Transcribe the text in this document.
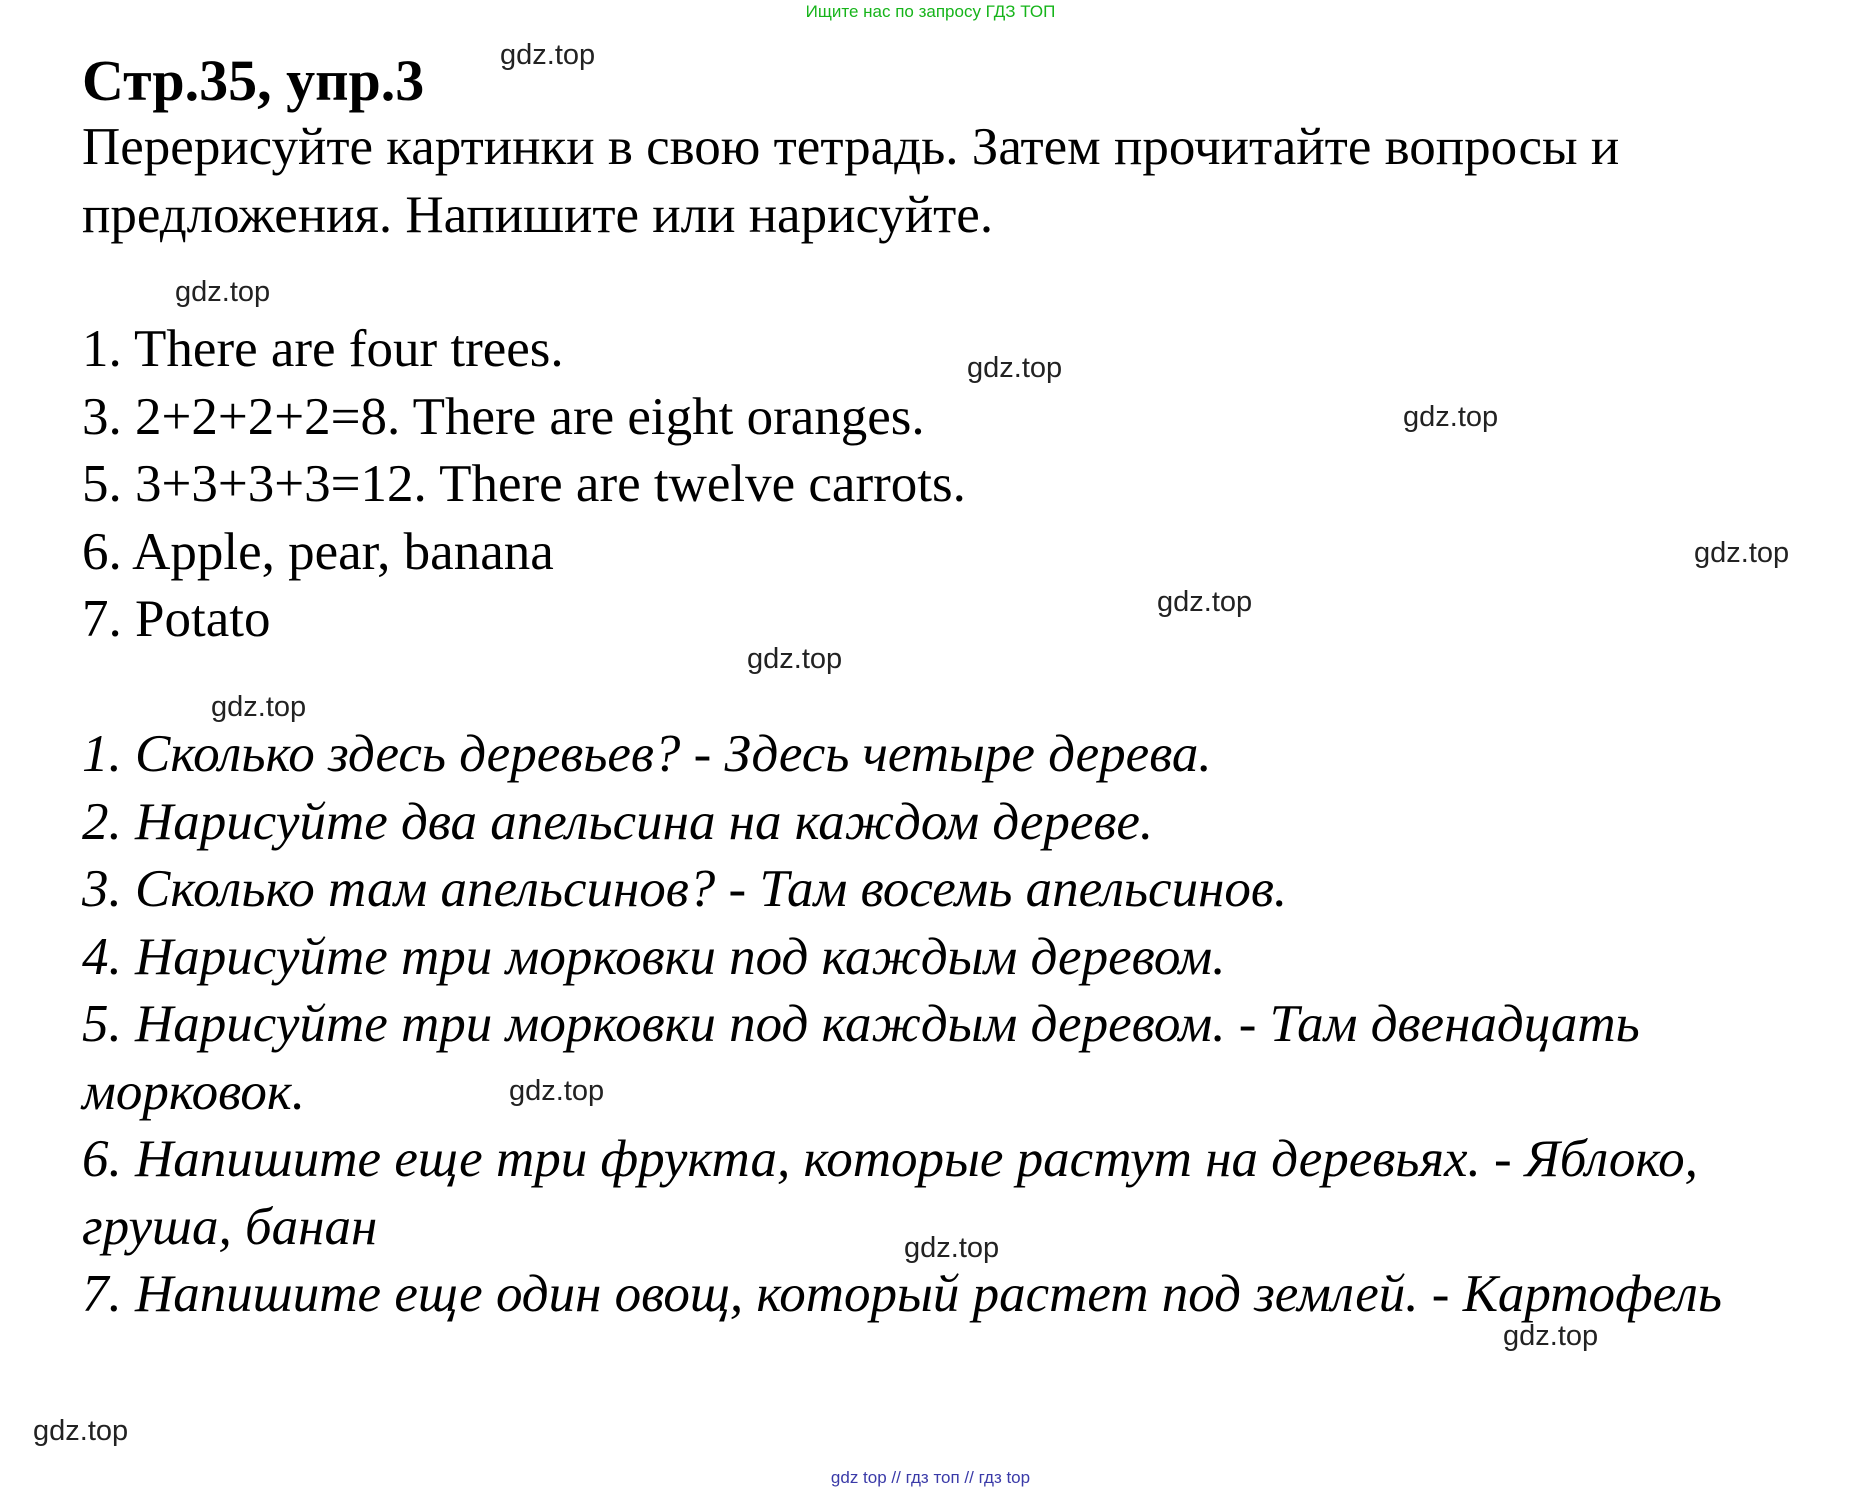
Ищите нас по запросу ГДЗ ТОП
Стр.35, упр.3

Перерисуйте картинки в свою тетрадь. Затем прочитайте вопросы и предложения. Напишите или нарисуйте.

1. There are four trees.
3. 2+2+2+2=8. There are eight oranges.
5. 3+3+3+3=12. There are twelve carrots.
6. Apple, pear, banana
7. Potato
1. Сколько здесь деревьев? - Здесь четыре дерева.
2. Нарисуйте два апельсина на каждом дереве.
3. Сколько там апельсинов? - Там восемь апельсинов.
4. Нарисуйте три морковки под каждым деревом.
5. Нарисуйте три морковки под каждым деревом. - Там двенадцать морковок.
6. Напишите еще три фрукта, которые растут на деревьях. - Яблоко, груша, банан
7. Напишите еще один овощ, который растет под землей. - Картофель
gdz.top
gdz.top
gdz.top
gdz.top
gdz.top
gdz.top
gdz.top
gdz.top
gdz.top
gdz.top
gdz.top
gdz.top
gdz top // гдз топ // гдз top
